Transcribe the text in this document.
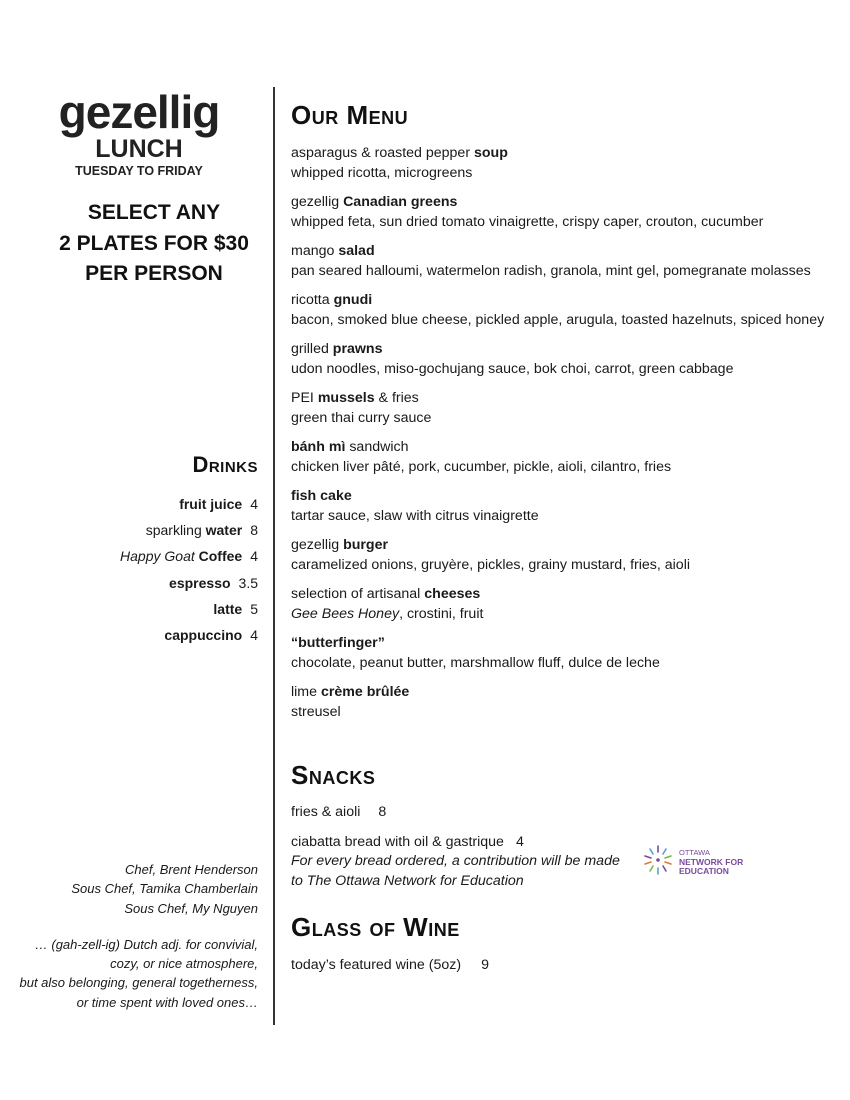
gezellig
LUNCH
TUESDAY TO FRIDAY
SELECT ANY
2 PLATES FOR $30
PER PERSON
Drinks
fruit juice 4
sparkling water 8
Happy Goat Coffee 4
espresso 3.5
latte 5
cappuccino 4
Chef, Brent Henderson
Sous Chef, Tamika Chamberlain
Sous Chef, My Nguyen
… (gah-zell-ig) Dutch adj. for convivial,
cozy, or nice atmosphere,
but also belonging, general togetherness,
or time spent with loved ones…
Our Menu
asparagus & roasted pepper soup
whipped ricotta, microgreens
gezellig Canadian greens
whipped feta, sun dried tomato vinaigrette, crispy caper, crouton, cucumber
mango salad
pan seared halloumi, watermelon radish, granola, mint gel, pomegranate molasses
ricotta gnudi
bacon, smoked blue cheese, pickled apple, arugula, toasted hazelnuts, spiced honey
grilled prawns
udon noodles, miso-gochujang sauce, bok choi, carrot, green cabbage
PEI mussels & fries
green thai curry sauce
bánh mì sandwich
chicken liver pâté, pork, cucumber, pickle, aioli, cilantro, fries
fish cake
tartar sauce, slaw with citrus vinaigrette
gezellig burger
caramelized onions, gruyère, pickles, grainy mustard, fries, aioli
selection of artisanal cheeses
Gee Bees Honey, crostini, fruit
“butterfinger”
chocolate, peanut butter, marshmallow fluff, dulce de leche
lime crème brûlée
streusel
Snacks
fries & aioli 8
ciabatta bread with oil & gastrique 4
For every bread ordered, a contribution will be made
to The Ottawa Network for Education
Glass of Wine
today’s featured wine (5oz) 9
OTTAWA
NETWORK FOR
EDUCATION
